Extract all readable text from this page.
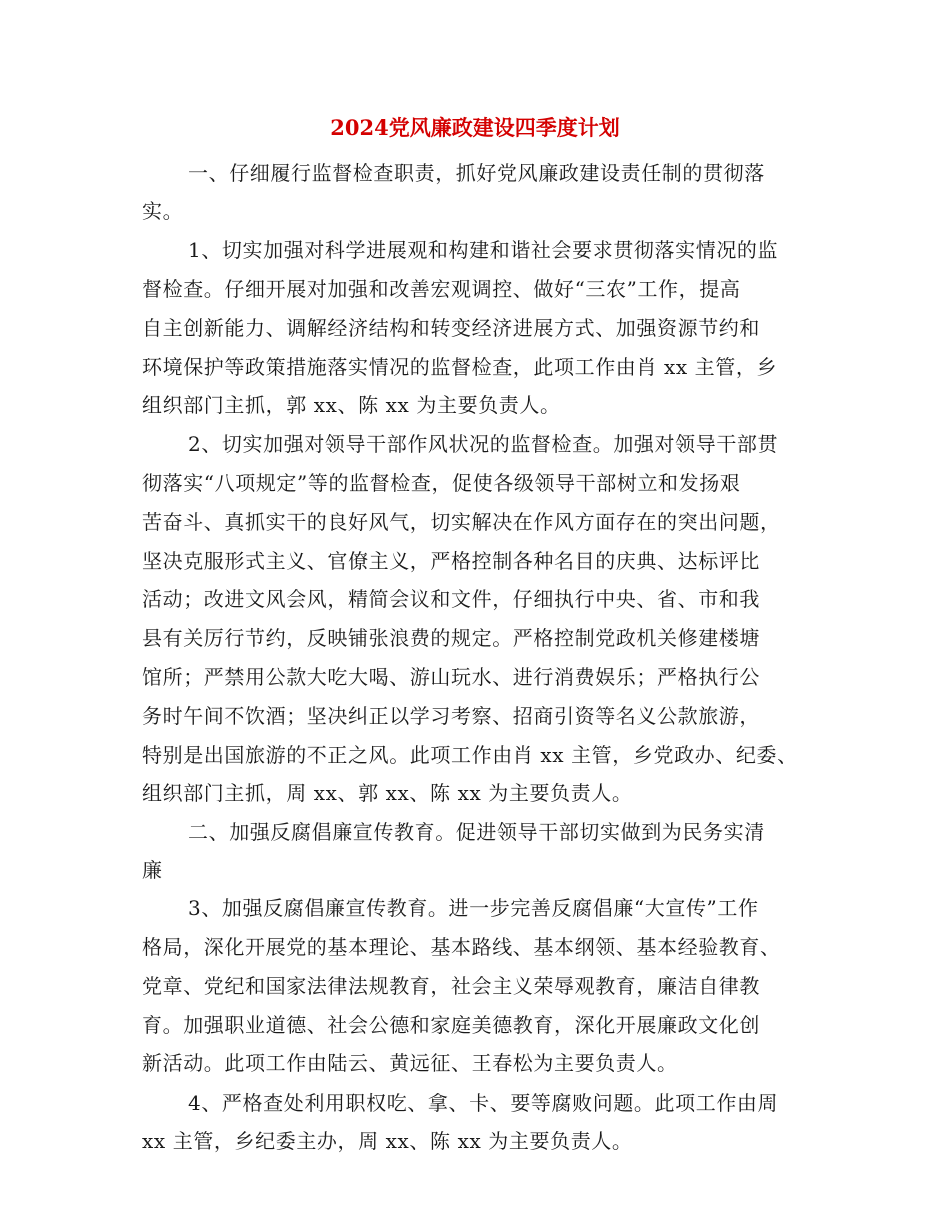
2024党风廉政建设四季度计划
一、仔细履行监督检查职责，抓好党风廉政建设责任制的贯彻落
实。
1、切实加强对科学进展观和构建和谐社会要求贯彻落实情况的监
督检查。仔细开展对加强和改善宏观调控、做好“三农”工作，提高
自主创新能力、调解经济结构和转变经济进展方式、加强资源节约和
环境保护等政策措施落实情况的监督检查，此项工作由肖 xx 主管，乡
组织部门主抓，郭 xx、陈 xx 为主要负责人。
2、切实加强对领导干部作风状况的监督检查。加强对领导干部贯
彻落实“八项规定”等的监督检查，促使各级领导干部树立和发扬艰
苦奋斗、真抓实干的良好风气，切实解决在作风方面存在的突出问题，
坚决克服形式主义、官僚主义，严格控制各种名目的庆典、达标评比
活动；改进文风会风，精简会议和文件，仔细执行中央、省、市和我
县有关厉行节约，反映铺张浪费的规定。严格控制党政机关修建楼塘
馆所；严禁用公款大吃大喝、游山玩水、进行消费娱乐；严格执行公
务时午间不饮酒；坚决纠正以学习考察、招商引资等名义公款旅游，
特别是出国旅游的不正之风。此项工作由肖 xx 主管，乡党政办、纪委、
组织部门主抓，周 xx、郭 xx、陈 xx 为主要负责人。
二、加强反腐倡廉宣传教育。促进领导干部切实做到为民务实清
廉
3、加强反腐倡廉宣传教育。进一步完善反腐倡廉“大宣传”工作
格局，深化开展党的基本理论、基本路线、基本纲领、基本经验教育、
党章、党纪和国家法律法规教育，社会主义荣辱观教育，廉洁自律教
育。加强职业道德、社会公德和家庭美德教育，深化开展廉政文化创
新活动。此项工作由陆云、黄远征、王春松为主要负责人。
4、严格查处利用职权吃、拿、卡、要等腐败问题。此项工作由周
xx 主管，乡纪委主办，周 xx、陈 xx 为主要负责人。
